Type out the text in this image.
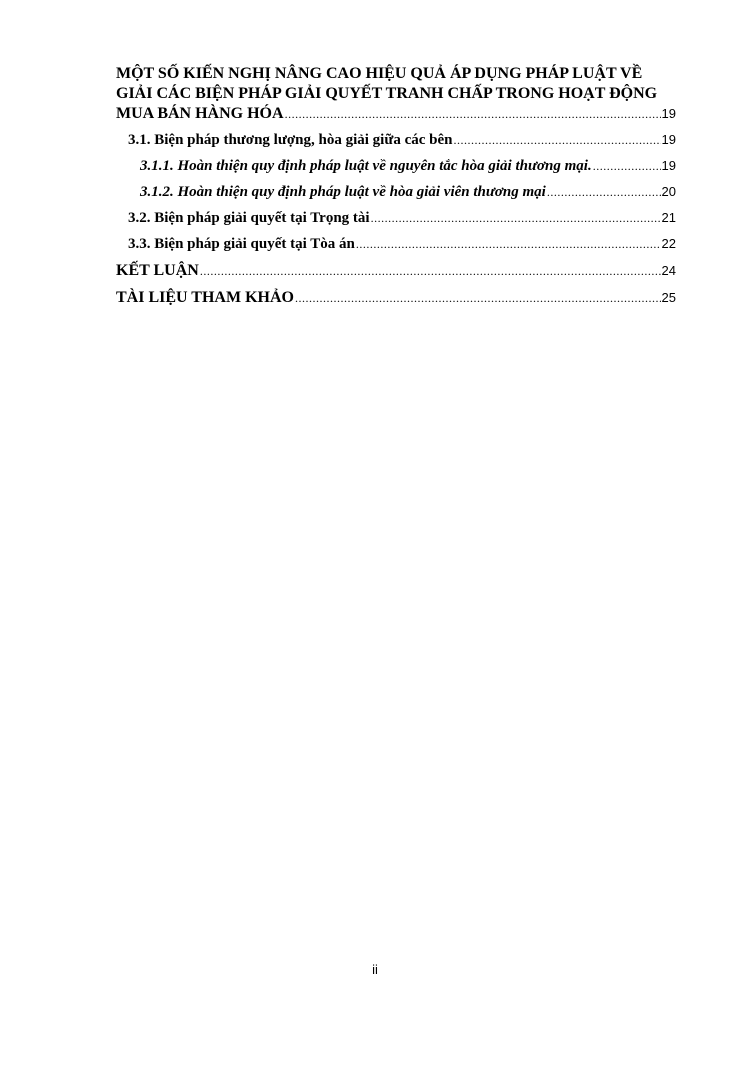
MỘT SỐ KIẾN NGHỊ NÂNG CAO HIỆU QUẢ ÁP DỤNG PHÁP LUẬT VỀ
GIẢI CÁC BIỆN PHÁP GIẢI QUYẾT TRANH CHẤP TRONG HOẠT ĐỘNG
MUA BÁN HÀNG HÓA .....	19
3.1. Biện pháp thương lượng, hòa giải giữa các bên .....	19
3.1.1. Hoàn thiện quy định pháp luật về nguyên tắc hòa giải thương mại. .....	19
3.1.2. Hoàn thiện quy định pháp luật về hòa giải viên thương mại .....	20
3.2. Biện pháp giải quyết tại Trọng tài .....	21
3.3. Biện pháp giải quyết tại Tòa án .....	22
KẾT LUẬN .....	24
TÀI LIỆU THAM KHẢO .....	25
ii
